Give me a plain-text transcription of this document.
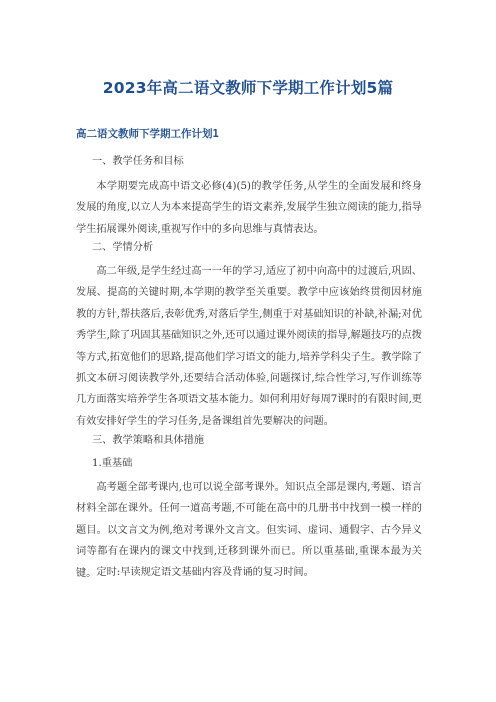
2023年高二语文教师下学期工作计划5篇
高二语文教师下学期工作计划1
一、教学任务和目标

本学期要完成高中语文必修(4)(5)的教学任务,从学生的全面发展和终身发展的角度,以立人为本来提高学生的语文素养,发展学生独立阅读的能力,指导学生拓展课外阅读,重视写作中的多向思维与真情表达。

二、学情分析

高二年级,是学生经过高一一年的学习,适应了初中向高中的过渡后,巩固、发展、提高的关键时期,本学期的教学至关重要。教学中应该始终贯彻因材施教的方针,帮扶落后,表彰优秀,对落后学生,侧重于对基础知识的补缺,补漏;对优秀学生,除了巩固其基础知识之外,还可以通过课外阅读的指导,解题技巧的点拨等方式,拓宽他们的思路,提高他们学习语文的能力,培养学科尖子生。教学除了抓文本研习阅读教学外,还要结合活动体验,问题探讨,综合性学习,写作训练等几方面落实培养学生各项语文基本能力。如何利用好每周7课时的有限时间,更有效安排好学生的学习任务,是备课组首先要解决的问题。

三、教学策略和具体措施
1.重基础

高考题全部考课内,也可以说全部考课外。知识点全部是课内,考题、语言材料全部在课外。任何一道高考题,不可能在高中的几册书中找到一模一样的题目。以文言文为例,绝对考课外文言文。但实词、虚词、通假字、古今异义词等都有在课内的课文中找到,迁移到课外而已。所以重基础,重课本最为关键。 定时:早读规定语文基础内容及背诵的复习时间。
